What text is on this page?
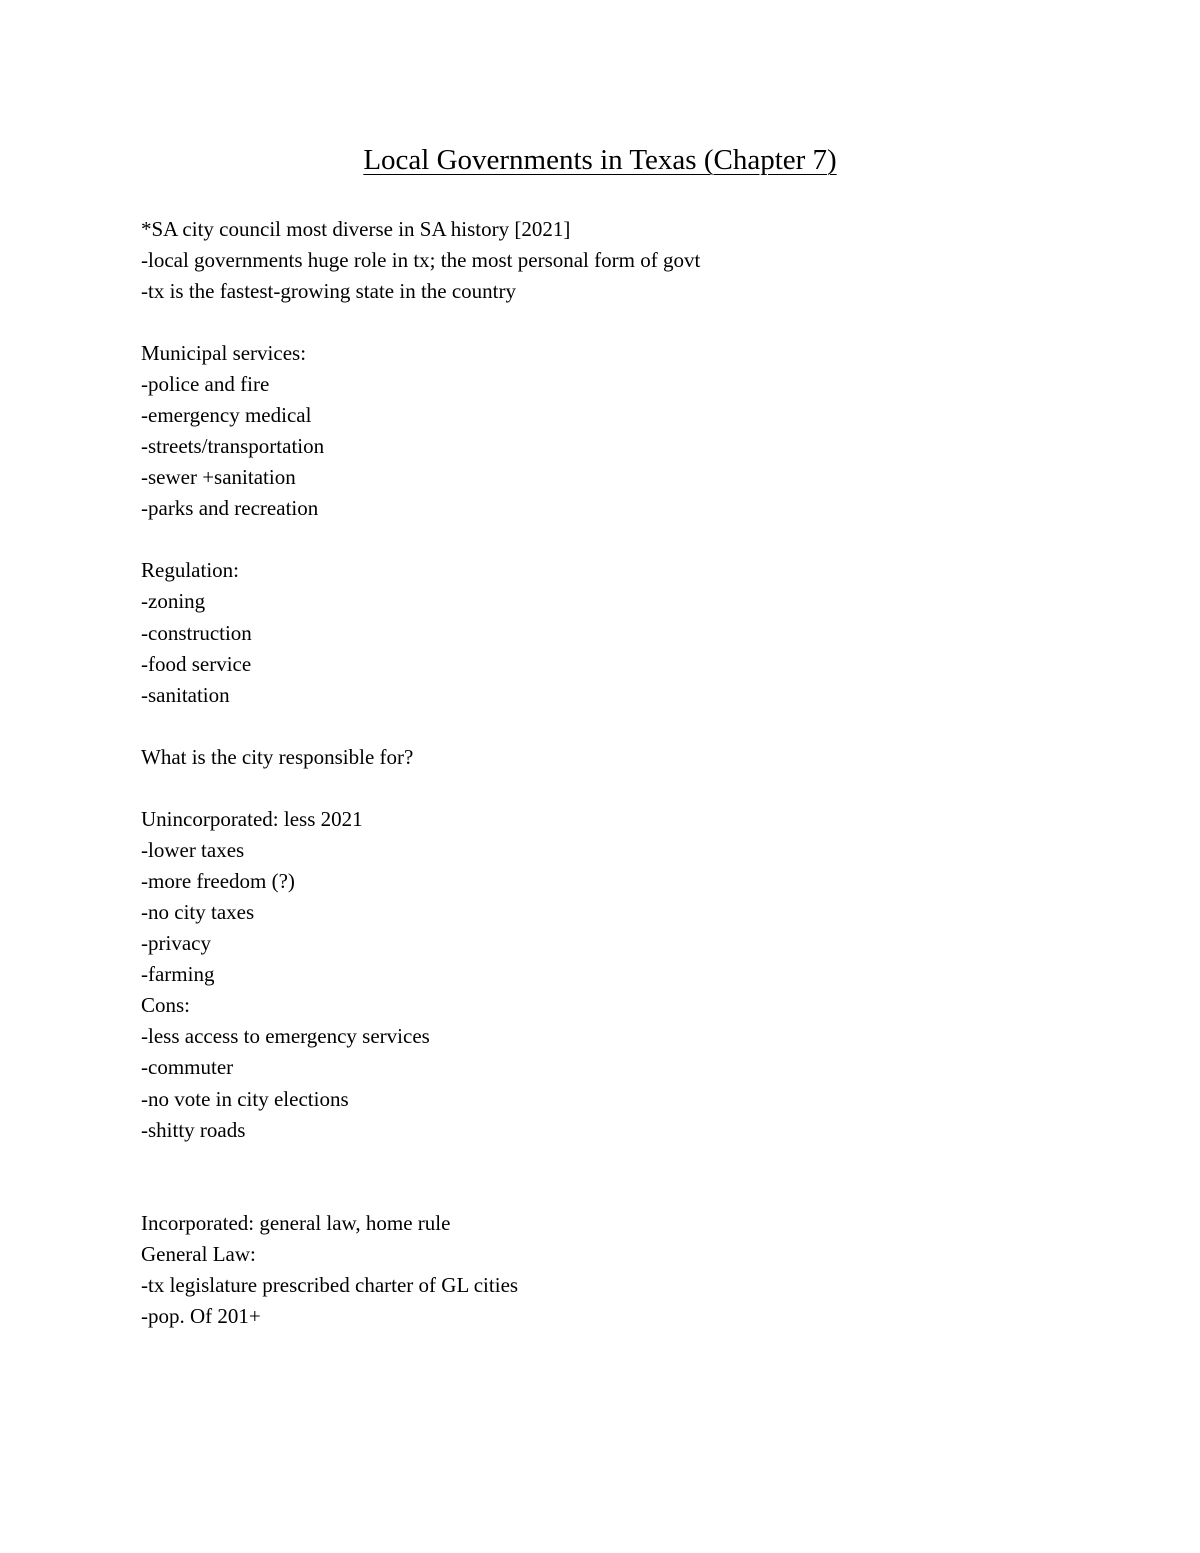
Local Governments in Texas (Chapter 7)
*SA city council most diverse in SA history [2021]
-local governments huge role in tx; the most personal form of govt
-tx is the fastest-growing state in the country
Municipal services:
-police and fire
-emergency medical
-streets/transportation
-sewer +sanitation
-parks and recreation
Regulation:
-zoning
-construction
-food service
-sanitation
What is the city responsible for?
Unincorporated: less 2021
-lower taxes
-more freedom (?)
-no city taxes
-privacy
-farming
Cons:
-less access to emergency services
-commuter
-no vote in city elections
-shitty roads
Incorporated: general law, home rule
General Law:
-tx legislature prescribed charter of GL cities
-pop. Of 201+
